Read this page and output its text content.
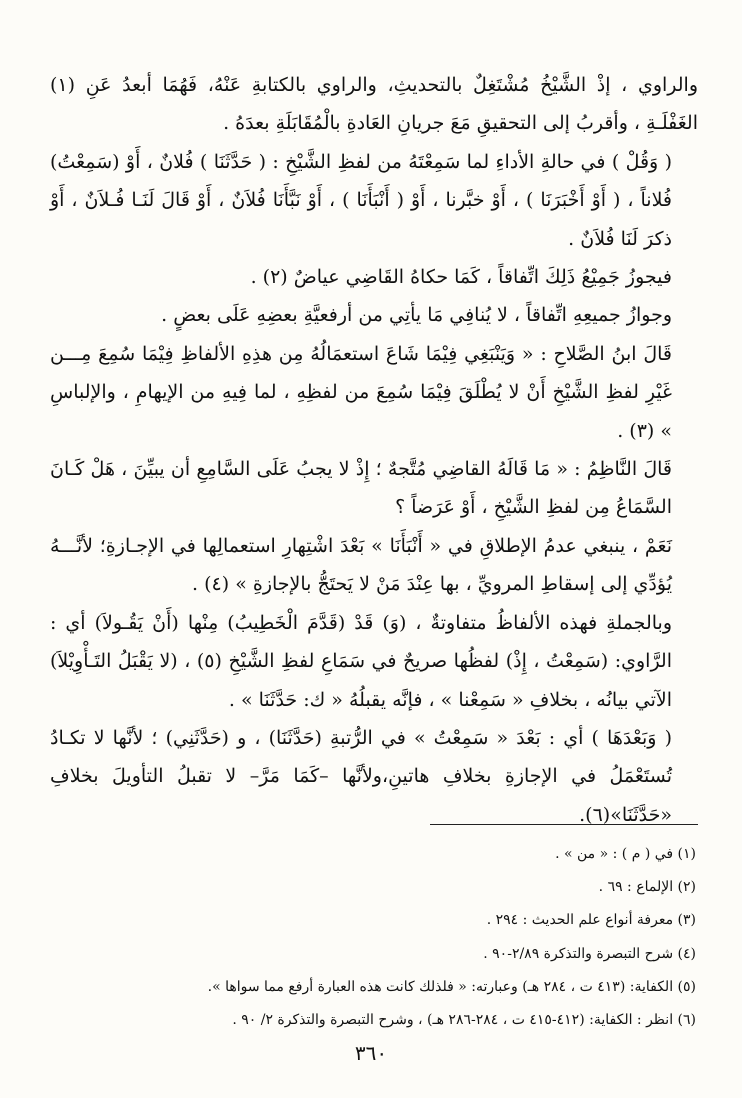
والراوي ، إذْ الشَّيْخُ مُشْتَغِلٌ بالتحديثِ، والراوي بالكتابةِ عَنْهُ، فَهُمَا أبعدُ عَنِ (١) الغَفْلَـةِ ، وأقربُ إلى التحقيقِ مَعَ جريانِ العَادةِ بالْمُقَابَلَةِ بعدَهُ .

( وَقُلْ ) في حالةِ الأداءِ لما سَمِعْتَهُ من لفظِ الشَّيْخِ : ( حَدَّثَنَا ) فُلانٌ ، أَوْ (سَمِعْتُ) فُلاناً ، ( أَوْ أَخْبَرَنَا ) ، أَوْ خبَّرنا ، أَوْ ( أَنْبَأَنَا ) ، أَوْ نَبَّأَنَا فُلاَنٌ ، أَوْ قَالَ لَنَـا فُـلاَنٌ ، أَوْ ذكرَ لَنَا فُلاَنٌ .

فيجوزُ جَمِيْعُ ذَلِكَ اتِّفاقاً ، كَمَا حكاهُ القَاضِي عياضٌ (٢) .

وجوازُ جميعِهِ اتِّفاقاً ، لا يُنافِي مَا يأتِي من أرفعيَّةِ بعضِهِ عَلَى بعضٍ .

قَالَ ابنُ الصَّلاحِ : « وَيَنْبَغِي فِيْمَا شَاعَ استعمَالُهُ مِن هذِهِ الألفاظِ فِيْمَا سُمِعَ مِـــن غَيْرِ لفظِ الشَّيْخِ أَنْ لا يُطْلَقَ فِيْمَا سُمِعَ من لفظِهِ ، لما فِيهِ من الإيهامِ ، والإلباسِ » (٣) .

قَالَ النَّاظِمُ : « مَا قَالَهُ القاضِي مُتَّجهٌ ؛ إِذْ لا يجبُ عَلَى السَّامِعِ أن يبيِّنَ ، هَلْ كَـانَ السَّمَاعُ مِن لفظِ الشَّيْخِ ، أَوْ عَرَضاً ؟

نَعَمْ ، ينبغي عدمُ الإطلاقِ في « أَنْبَأَنَا » بَعْدَ اشْتِهارِ استعمالِها في الإجـازةِ؛ لأنَّـــهُ يُؤدِّي إلى إسقاطِ المرويِّ ، بها عِنْدَ مَنْ لا يَحتَجُّ بالإجازةِ » (٤) .

وبالجملةِ فهذه الألفاظُ متفاوتةٌ ، (وَ) قَدْ (قَدَّمَ الْخَطِيبُ) مِنْها (أَنْ يَقُـولاَ) أي : الرَّاوي: (سَمِعْتُ ، إِذْ) لفظُها صريحٌ في سَمَاعِ لفظِ الشَّيْخِ (٥) ، (لا يَقْبَلُ التَـأْوِيْلاَ) الآتي بيانُه ، بخلافِ « سَمِعْنا » ، فإنَّه يقبلُهُ « ك: حَدَّثَنَا » .

( وَبَعْدَهَا ) أي : بَعْدَ « سَمِعْتُ » في الرُّتبةِ (حَدَّثَنَا) ، و (حَدَّثَنِي) ؛ لأنَّها لا تكـادُ تُستَعْمَلُ في الإجازةِ بخلافِ هاتينِ،ولأنَّها –كَمَا مَرَّ– لا تقبلُ التأويلَ بخلافِ «حَدَّثَنَا»(٦).

(١) في ( م ) : « من » .

(٢) الإلماع : ٦٩ .

(٣) معرفة أنواع علم الحديث : ٢٩٤ .

(٤) شرح التبصرة والتذكرة ٢/٨٩-٩٠ .

(٥) الكفاية: (٤١٣ ت ، ٢٨٤ هـ) وعبارته: « فلذلك كانت هذه العبارة أرفع مما سواها ».

(٦) انظر : الكفاية: (٤١٢-٤١٥ ت ، ٢٨٤-٢٨٦ هـ) ، وشرح التبصرة والتذكرة ٢/ ٩٠ .

٣٦٠
